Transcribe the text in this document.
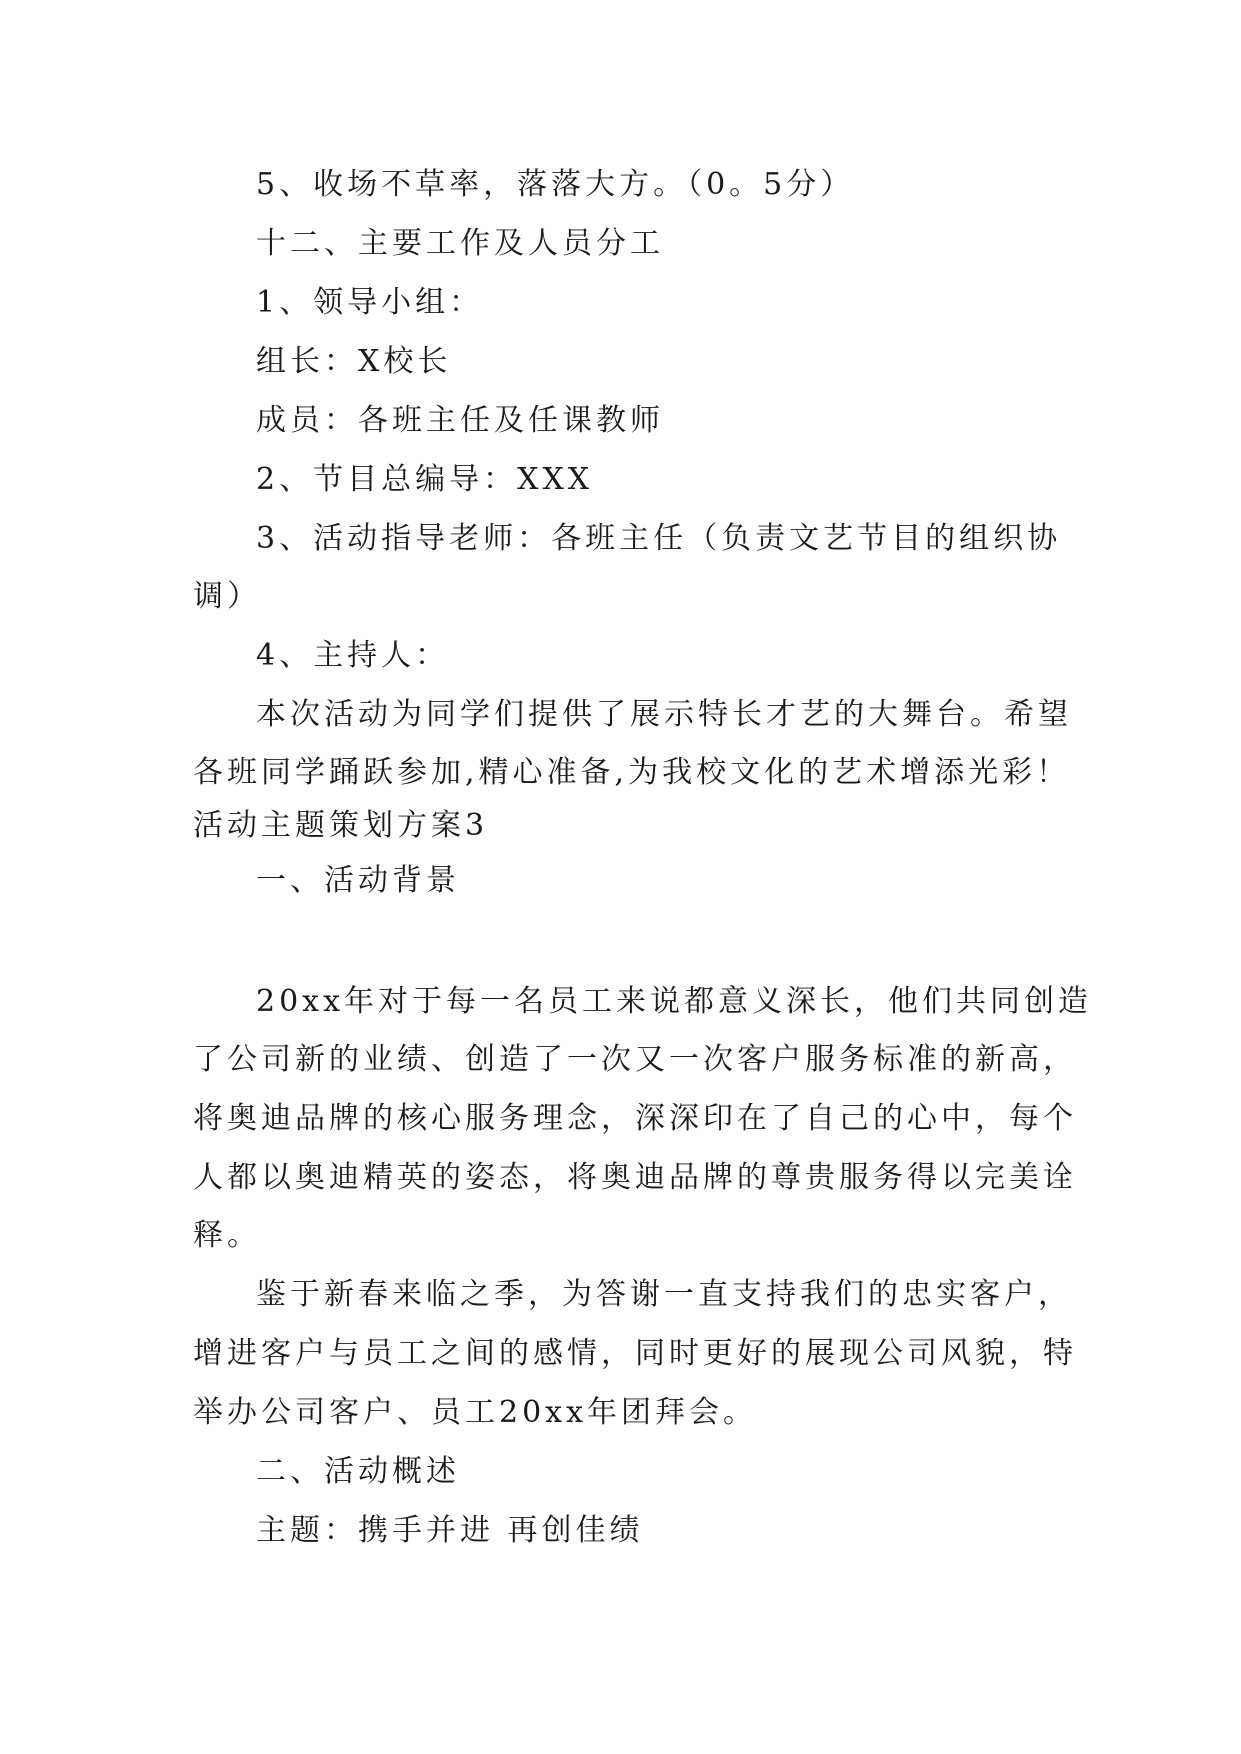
5、收场不草率，落落大方。（0。5分）
十二、主要工作及人员分工
1、领导小组：
组长：X校长
成员：各班主任及任课教师
2、节目总编导：XXX
3、活动指导老师：各班主任（负责文艺节目的组织协
调）
4、主持人：
本次活动为同学们提供了展示特长才艺的大舞台。希望
各班同学踊跃参加,精心准备,为我校文化的艺术增添光彩！
活动主题策划方案3
一、活动背景
20xx年对于每一名员工来说都意义深长，他们共同创造
了公司新的业绩、创造了一次又一次客户服务标准的新高，
将奥迪品牌的核心服务理念，深深印在了自己的心中，每个
人都以奥迪精英的姿态，将奥迪品牌的尊贵服务得以完美诠
释。
鉴于新春来临之季，为答谢一直支持我们的忠实客户，
增进客户与员工之间的感情，同时更好的展现公司风貌，特
举办公司客户、员工20xx年团拜会。
二、活动概述
主题：携手并进 再创佳绩
